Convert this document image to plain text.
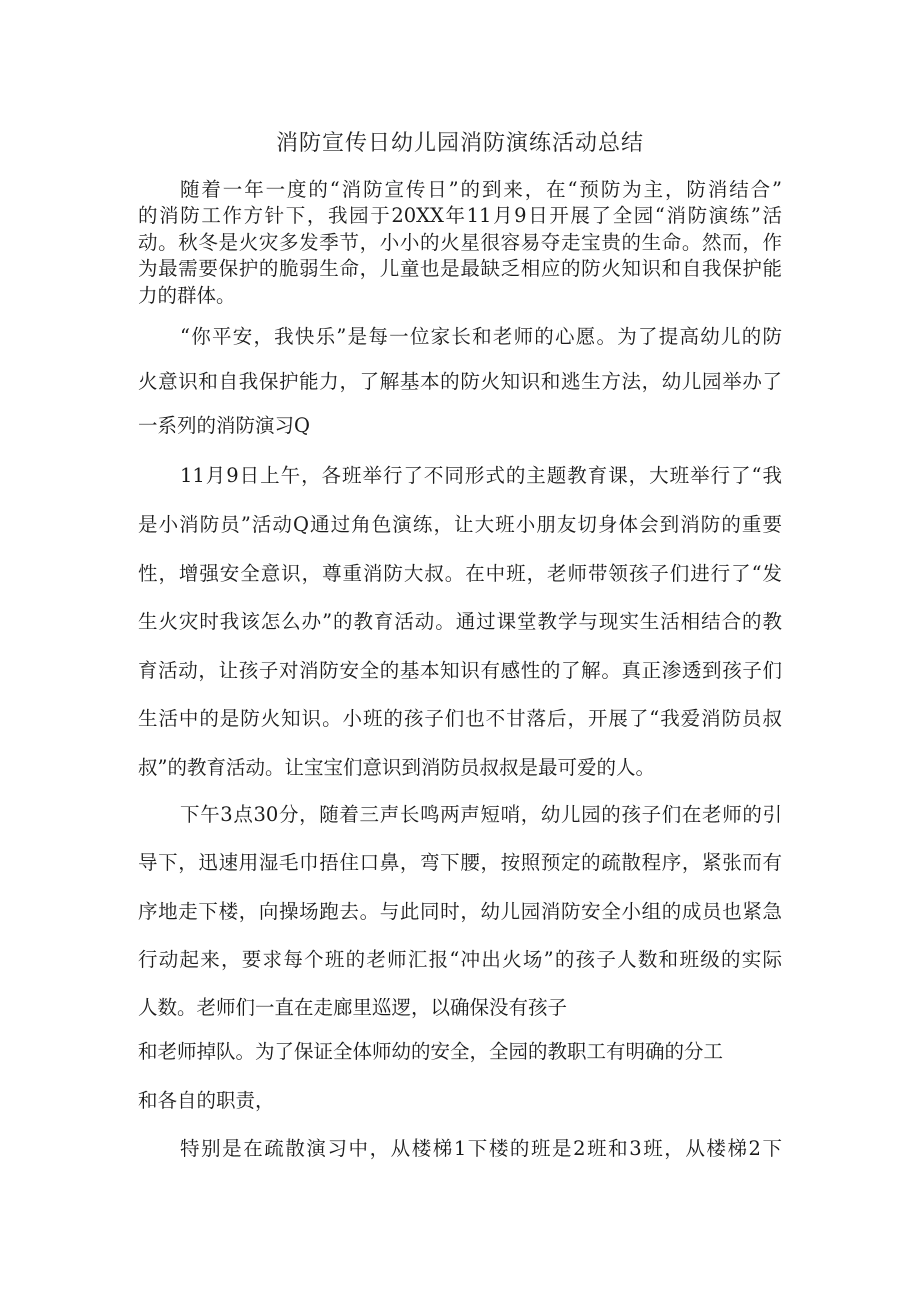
消防宣传日幼儿园消防演练活动总结
随着一年一度的“消防宣传日”的到来，在“预防为主，防消结合”
的消防工作方针下，我园于20XX年11月9日开展了全园“消防演练”活
动。秋冬是火灾多发季节，小小的火星很容易夺走宝贵的生命。然而，作
为最需要保护的脆弱生命，儿童也是最缺乏相应的防火知识和自我保护能
力的群体。
“你平安，我快乐”是每一位家长和老师的心愿。为了提高幼儿的防
火意识和自我保护能力，了解基本的防火知识和逃生方法，幼儿园举办了
一系列的消防演习Q
11月9日上午，各班举行了不同形式的主题教育课，大班举行了“我
是小消防员”活动Q通过角色演练，让大班小朋友切身体会到消防的重要
性，增强安全意识，尊重消防大叔。在中班，老师带领孩子们进行了“发
生火灾时我该怎么办”的教育活动。通过课堂教学与现实生活相结合的教
育活动，让孩子对消防安全的基本知识有感性的了解。真正渗透到孩子们
生活中的是防火知识。小班的孩子们也不甘落后，开展了“我爱消防员叔
叔”的教育活动。让宝宝们意识到消防员叔叔是最可爱的人。
下午3点30分，随着三声长鸣两声短哨，幼儿园的孩子们在老师的引
导下，迅速用湿毛巾捂住口鼻，弯下腰，按照预定的疏散程序，紧张而有
序地走下楼，向操场跑去。与此同时，幼儿园消防安全小组的成员也紧急
行动起来，要求每个班的老师汇报“冲出火场”的孩子人数和班级的实际
人数。老师们一直在走廊里巡逻，以确保没有孩子
和老师掉队。为了保证全体师幼的安全，全园的教职工有明确的分工
和各自的职责，
特别是在疏散演习中，从楼梯1下楼的班是2班和3班，从楼梯2下
